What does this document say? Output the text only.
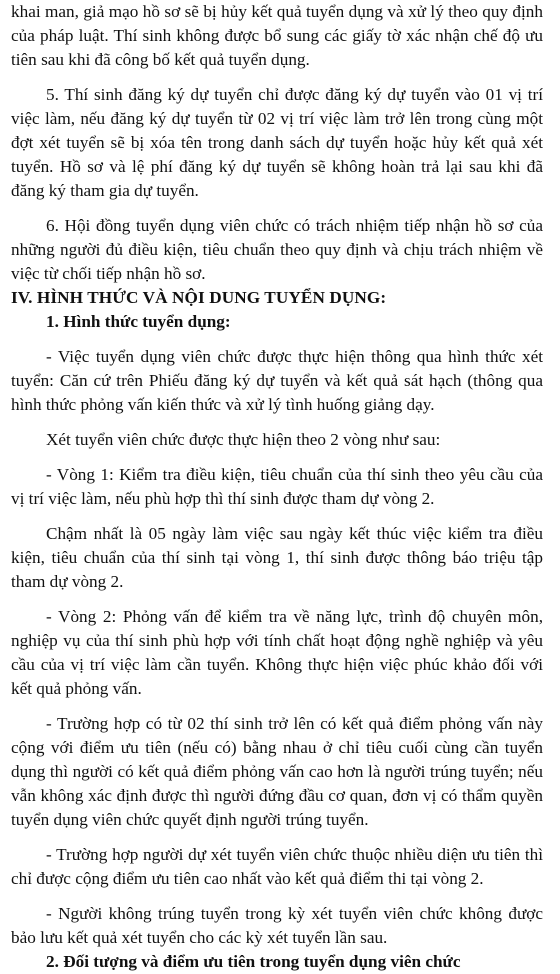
khai man, giả mạo hồ sơ sẽ bị hủy kết quả tuyển dụng và xử lý theo quy định của pháp luật. Thí sinh không được bổ sung các giấy tờ xác nhận chế độ ưu tiên sau khi đã công bố kết quả tuyển dụng.

5. Thí sinh đăng ký dự tuyển chỉ được đăng ký dự tuyển vào 01 vị trí việc làm, nếu đăng ký dự tuyển từ 02 vị trí việc làm trở lên trong cùng một đợt xét tuyển sẽ bị xóa tên trong danh sách dự tuyển hoặc hủy kết quả xét tuyển. Hồ sơ và lệ phí đăng ký dự tuyển sẽ không hoàn trả lại sau khi đã đăng ký tham gia dự tuyển.

6. Hội đồng tuyển dụng viên chức có trách nhiệm tiếp nhận hồ sơ của những người đủ điều kiện, tiêu chuẩn theo quy định và chịu trách nhiệm về việc từ chối tiếp nhận hồ sơ.

IV. HÌNH THỨC VÀ NỘI DUNG TUYỂN DỤNG:

1. Hình thức tuyển dụng:

- Việc tuyển dụng viên chức được thực hiện thông qua hình thức xét tuyển: Căn cứ trên Phiếu đăng ký dự tuyển và kết quả sát hạch (thông qua hình thức phỏng vấn kiến thức và xử lý tình huống giảng dạy.

Xét tuyển viên chức được thực hiện theo 2 vòng như sau:

- Vòng 1: Kiểm tra điều kiện, tiêu chuẩn của thí sinh theo yêu cầu của vị trí việc làm, nếu phù hợp thì thí sinh được tham dự vòng 2.

Chậm nhất là 05 ngày làm việc sau ngày kết thúc việc kiểm tra điều kiện, tiêu chuẩn của thí sinh tại vòng 1, thí sinh được thông báo triệu tập tham dự vòng 2.

- Vòng 2: Phỏng vấn để kiểm tra về năng lực, trình độ chuyên môn, nghiệp vụ của thí sinh phù hợp với tính chất hoạt động nghề nghiệp và yêu cầu của vị trí việc làm cần tuyển. Không thực hiện việc phúc khảo đối với kết quả phỏng vấn.

- Trường hợp có từ 02 thí sinh trở lên có kết quả điểm phỏng vấn này cộng với điểm ưu tiên (nếu có) bằng nhau ở chỉ tiêu cuối cùng cần tuyển dụng thì người có kết quả điểm phỏng vấn cao hơn là người trúng tuyển; nếu vẫn không xác định được thì người đứng đầu cơ quan, đơn vị có thẩm quyền tuyển dụng viên chức quyết định người trúng tuyển.

- Trường hợp người dự xét tuyển viên chức thuộc nhiều diện ưu tiên thì chỉ được cộng điểm ưu tiên cao nhất vào kết quả điểm thi tại vòng 2.

- Người không trúng tuyển trong kỳ xét tuyển viên chức không được bảo lưu kết quả xét tuyển cho các kỳ xét tuyển lần sau.

2. Đối tượng và điểm ưu tiên trong tuyển dụng viên chức
